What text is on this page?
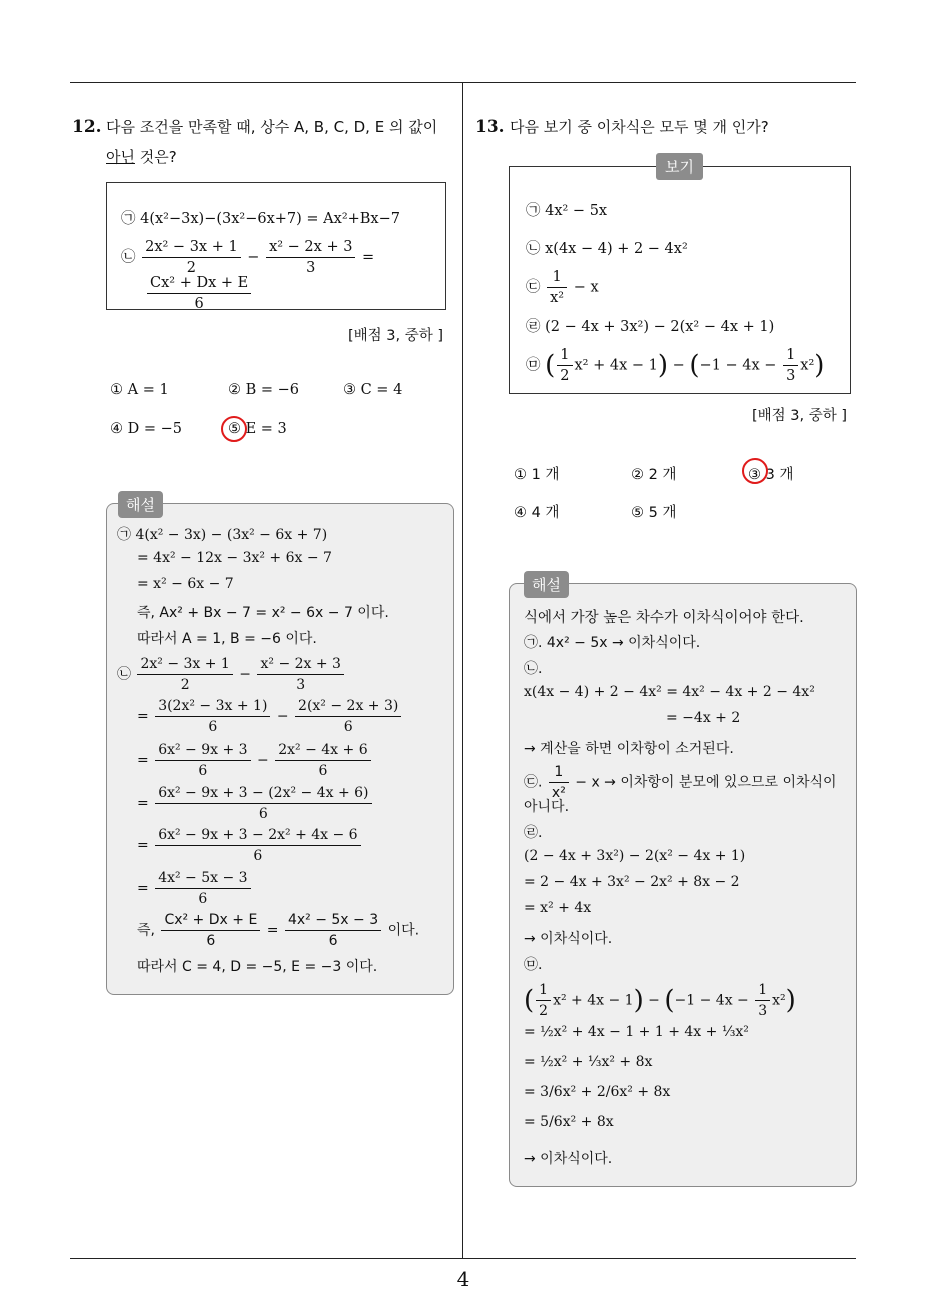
12. 다음 조건을 만족할 때, 상수 A, B, C, D, E 의 값이
아닌 것은?
㉠ 4(x²−3x)−(3x²−6x+7) = Ax²+Bx−7
㉡ $\frac{\text{2x² − 3x + 1}}{2} - \frac{\text{x² − 2x + 3}}{3}$ =
$\frac{\text{Cx² + Dx + E}}{6}$
[배점 3, 중하 ]
① A = 1	② B = −6	③ C = 4
④ D = −5	⑤ E = 3
㉠ 4(x² − 3x) − (3x² − 6x + 7)
= 4x² − 12x − 3x² + 6x − 7
= x² − 6x − 7
즉, Ax² + Bx − 7 = x² − 6x − 7 이다.
따라서 A = 1, B = −6 이다.
㉡ $\frac{\text{2x² − 3x + 1}}{2} - \frac{\text{x² − 2x + 3}}{3}$
= $\frac{\text{3(2x² − 3x + 1)}}{6} - \frac{\text{2(x² − 2x + 3)}}{6}$
= $\frac{\text{6x² − 9x + 3}}{6} - \frac{\text{2x² − 4x + 6}}{6}$
= $\frac{\text{6x² − 9x + 3 − (2x² − 4x + 6)}}{6}$
= $\frac{\text{6x² − 9x + 3 − 2x² + 4x − 6}}{6}$
= $\frac{\text{4x² − 5x − 3}}{6}$
즉, $\frac{\text{Cx² + Dx + E}}{6} = \frac{\text{4x² − 5x − 3}}{6}$ 이다.
따라서 C = 4, D = −5, E = −3 이다.
해설
13. 다음 보기 중 이차식은 모두 몇 개 인가?
㉠ 4x² − 5x
㉡ x(4x − 4) + 2 − 4x²
㉢ $\frac{1}{\text{x²}} - x$
㉣ (2 − 4x + 3x²) − 2(x² − 4x + 1)
㉤ ( $\frac{1}{2} x^2 + 4x - 1) - (-1 - 4x - \frac{1}{3} x^2)$
보기
[배점 3, 중하 ]
① 1 개	② 2 개	③ 3 개
④ 4 개	⑤ 5 개
식에서 가장 높은 차수가 이차식이어야 한다.
㉠. 4x² − 5x → 이차식이다.
㉡.
x(4x − 4) + 2 − 4x² = 4x² − 4x + 2 − 4x²
= −4x + 2
→ 계산을 하면 이차항이 소거된다.
㉢. $\frac{1}{\text{x²}} - x$ → 이차항이 분모에 있으므로 이차식이
아니다.
㉣.
(2 − 4x + 3x²) − 2(x² − 4x + 1)
= 2 − 4x + 3x² − 2x² + 8x − 2
= x² + 4x
→ 이차식이다.
㉤.
( $\frac{1}{2} x^2 + 4x - 1) - (-1 - 4x - \frac{1}{3} x^2)$
= ½x² + 4x − 1 + 1 + 4x + ⅓x²
= ½x² + ⅓x² + 8x
= 3/6x² + 2/6x² + 8x
= 5/6x² + 8x
→ 이차식이다.
해설
4
